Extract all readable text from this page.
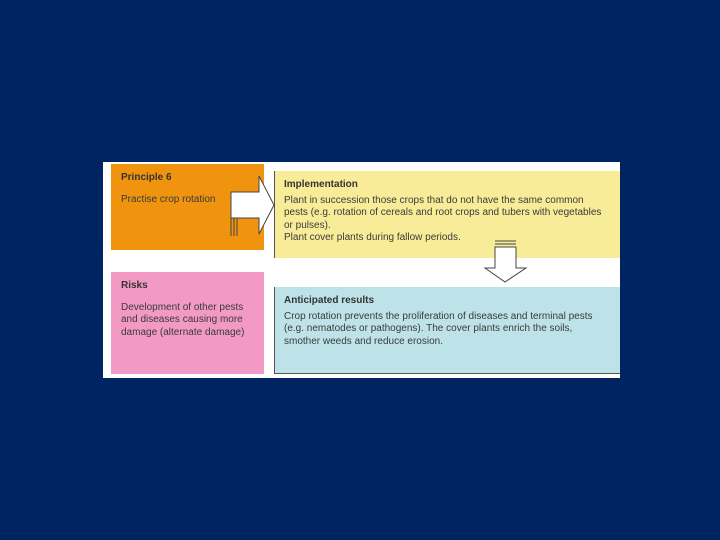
Principle 6
Practise crop rotation
Implementation
Plant in succession those crops that do not have the same common pests (e.g. rotation of cereals and root crops and tubers with vegetables or pulses).
Plant cover plants during fallow periods.
Risks
Development of other pests and diseases causing more damage (alternate damage)
Anticipated results
Crop rotation prevents the proliferation of diseases and terminal pests (e.g. nematodes or pathogens). The cover plants enrich the soils, smother weeds and reduce erosion.
